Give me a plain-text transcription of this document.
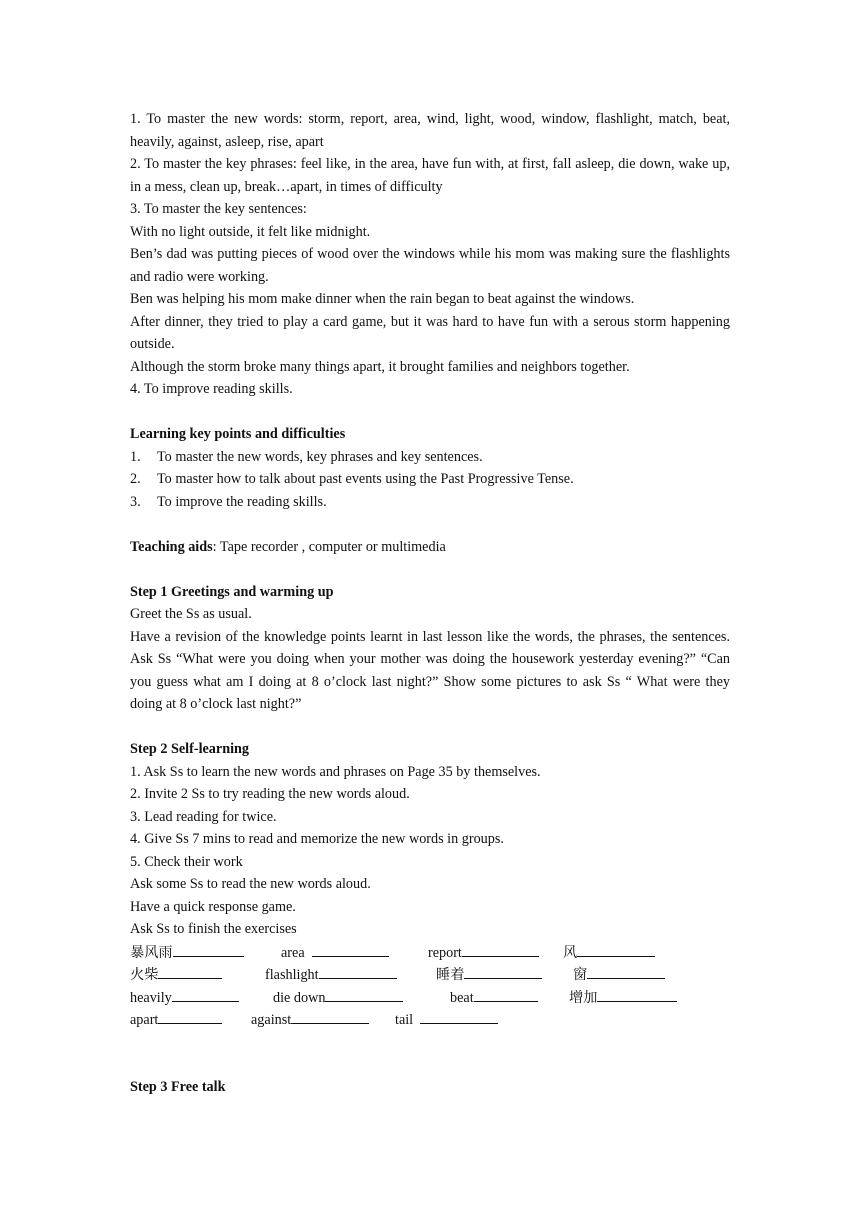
1. To master the new words: storm, report, area, wind, light, wood, window, flashlight, match, beat, heavily, against, asleep, rise, apart

2. To master the key phrases: feel like, in the area, have fun with, at first, fall asleep, die down, wake up, in a mess, clean up, break…apart, in times of difficulty

3. To master the key sentences:

With no light outside, it felt like midnight.

Ben’s dad was putting pieces of wood over the windows while his mom was making sure the flashlights and radio were working.

Ben was helping his mom make dinner when the rain began to beat against the windows.

After dinner, they tried to play a card game, but it was hard to have fun with a serous storm happening outside.

Although the storm broke many things apart, it brought families and neighbors together.

4. To improve reading skills.

Learning key points and difficulties

1.	To master the new words, key phrases and key sentences.
2.	To master how to talk about past events using the Past Progressive Tense.
3.	To improve the reading skills.

Teaching aids: Tape recorder , computer or multimedia

Step 1 Greetings and warming up

Greet the Ss as usual.

Have a revision of the knowledge points learnt in last lesson like the words, the phrases, the sentences. Ask Ss “What were you doing when your mother was doing the housework yesterday evening?” “Can you guess what am I doing at 8 o’clock last night?” Show some pictures to ask Ss “ What were they doing at 8 o’clock last night?”

Step 2 Self-learning

1. Ask Ss to learn the new words and phrases on Page 35 by themselves.

2. Invite 2 Ss to try reading the new words aloud.

3. Lead reading for twice.

4. Give Ss 7 mins to read and memorize the new words in groups.

5. Check their work

Ask some Ss to read the new words aloud.

Have a quick response game.

Ask Ss to finish the exercises

暴风雨	area	report	风
火柴	flashlight	睡着	窗
heavily	die down	beat	增加
apart	against	tail

Step 3 Free talk
